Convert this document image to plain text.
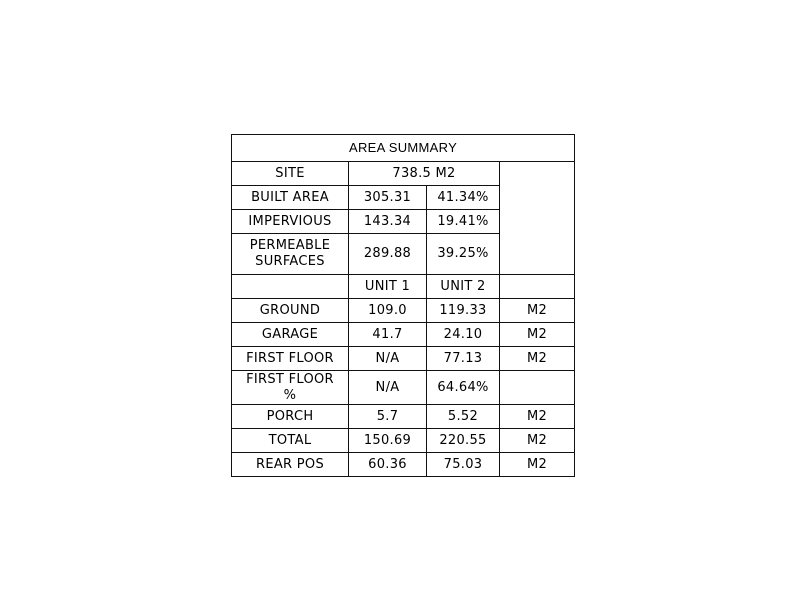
AREA SUMMARY			
SITE	738.5 M2		
BUILT AREA	305.31	41.34%	
IMPERVIOUS	143.34	19.41%	
PERMEABLE
SURFACES	289.88	39.25%	
	UNIT 1	UNIT 2	
GROUND	109.0	119.33	M2
GARAGE	41.7	24.10	M2
FIRST FLOOR	N/A	77.13	M2
FIRST FLOOR
%	N/A	64.64%	
PORCH	5.7	5.52	M2
TOTAL	150.69	220.55	M2
REAR POS	60.36	75.03	M2
